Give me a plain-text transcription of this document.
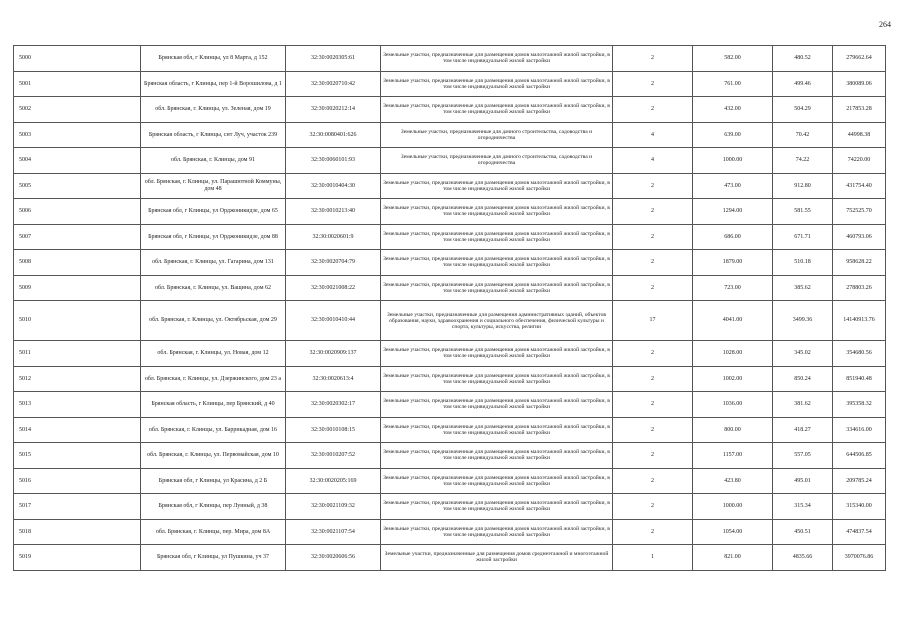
264
5000	Брянская обл, г Клинцы, ул 8 Марта, д 152	32:30:0020305:61	Земельные участки, предназначенные для размещения домов малоэтажной жилой застройки, в том числе индивидуальной жилой застройки	2	582.00	480.52	279662.64
5001	Брянская область, г Клинцы, пер 1-й Ворошилова, д 1	32:30:0020710:42	Земельные участки, предназначенные для размещения домов малоэтажной жилой застройки, в том числе индивидуальной жилой застройки	2	761.00	499.46	380089.06
5002	обл. Брянская, г. Клинцы, ул. Зеленая, дом 19	32:30:0020212:14	Земельные участки, предназначенные для размещения домов малоэтажной жилой застройки, в том числе индивидуальной жилой застройки	2	432.00	504.29	217853.28
5003	Брянская область, г Клинцы, снт Луч, участок 239	32:30:0080401:626	Земельные участки, предназначенные для дачного строительства, садоводства и огородничества	4	639.00	70.42	44998.38
5004	обл. Брянская, г. Клинцы, дом 91	32:30:0060101:93	Земельные участки, предназначенные для дачного строительства, садоводства и огородничества	4	1000.00	74.22	74220.00
5005	обл. Брянская, г. Клинцы, ул. Парашютной Коммуны, дом 48	32:30:0010404:30	Земельные участки, предназначенные для размещения домов малоэтажной жилой застройки, в том числе индивидуальной жилой застройки	2	473.00	912.80	431754.40
5006	Брянская обл, г Клинцы, ул Орджоникидзе, дом 65	32:30:0010213:40	Земельные участки, предназначенные для размещения домов малоэтажной жилой застройки, в том числе индивидуальной жилой застройки	2	1294.00	581.55	752525.70
5007	Брянская обл, г Клинцы, ул Орджоникидзе, дом 88	32:30:0020601:9	Земельные участки, предназначенные для размещения домов малоэтажной жилой застройки, в том числе индивидуальной жилой застройки	2	686.00	671.71	460793.06
5008	обл. Брянская, г. Клинцы, ул. Гагарина, дом 131	32:30:0020704:79	Земельные участки, предназначенные для размещения домов малоэтажной жилой застройки, в том числе индивидуальной жилой застройки	2	1879.00	510.18	958628.22
5009	обл. Брянская, г. Клинцы, ул. Ващина, дом 62	32:30:0021008:22	Земельные участки, предназначенные для размещения домов малоэтажной жилой застройки, в том числе индивидуальной жилой застройки	2	723.00	385.62	278803.26
5010	обл. Брянская, г. Клинцы, ул. Октябрьская, дом 29	32:30:0010410:44	Земельные участки, предназначенные для размещения административных зданий, объектов образования, науки, здравоохранения и социального обеспечения, физической культуры и спорта, культуры, искусства, религии	17	4041.00	3499.36	14140913.76
5011	обл. Брянская, г. Клинцы, ул. Новая, дом 12	32:30:0020909:137	Земельные участки, предназначенные для размещения домов малоэтажной жилой застройки, в том числе индивидуальной жилой застройки	2	1028.00	345.02	354680.56
5012	обл. Брянская, г. Клинцы, ул. Дзержинского, дом 23 а	32:30:0020613:4	Земельные участки, предназначенные для размещения домов малоэтажной жилой застройки, в том числе индивидуальной жилой застройки	2	1002.00	850.24	851940.48
5013	Брянская область, г Клинцы, пер Брянский, д 40	32:30:0020302:17	Земельные участки, предназначенные для размещения домов малоэтажной жилой застройки, в том числе индивидуальной жилой застройки	2	1036.00	381.62	395358.32
5014	обл. Брянская, г. Клинцы, ул. Баррикадная, дом 16	32:30:0010108:15	Земельные участки, предназначенные для размещения домов малоэтажной жилой застройки, в том числе индивидуальной жилой застройки	2	800.00	418.27	334616.00
5015	обл. Брянская, г. Клинцы, ул. Первомайская, дом 10	32:30:0010207:52	Земельные участки, предназначенные для размещения домов малоэтажной жилой застройки, в том числе индивидуальной жилой застройки	2	1157.00	557.05	644506.85
5016	Брянская обл, г Клинцы, ул Красина, д 2 Б	32:30:0020205:169	Земельные участки, предназначенные для размещения домов малоэтажной жилой застройки, в том числе индивидуальной жилой застройки	2	423.80	495.01	209785.24
5017	Брянская обл, г Клинцы, пер Лунный, д 38	32:30:0021109:32	Земельные участки, предназначенные для размещения домов малоэтажной жилой застройки, в том числе индивидуальной жилой застройки	2	1000.00	315.34	315340.00
5018	обл. Брянская, г. Клинцы, пер. Мира, дом 8А	32:30:0021107:54	Земельные участки, предназначенные для размещения домов малоэтажной жилой застройки, в том числе индивидуальной жилой застройки	2	1054.00	450.51	474837.54
5019	Брянская обл, г Клинцы, ул Пушкина, уч 37	32:30:0020606:56	Земельные участки, предназначенные для размещения домов среднеэтажной и многоэтажной жилой застройки	1	821.00	4835.66	3970076.86
